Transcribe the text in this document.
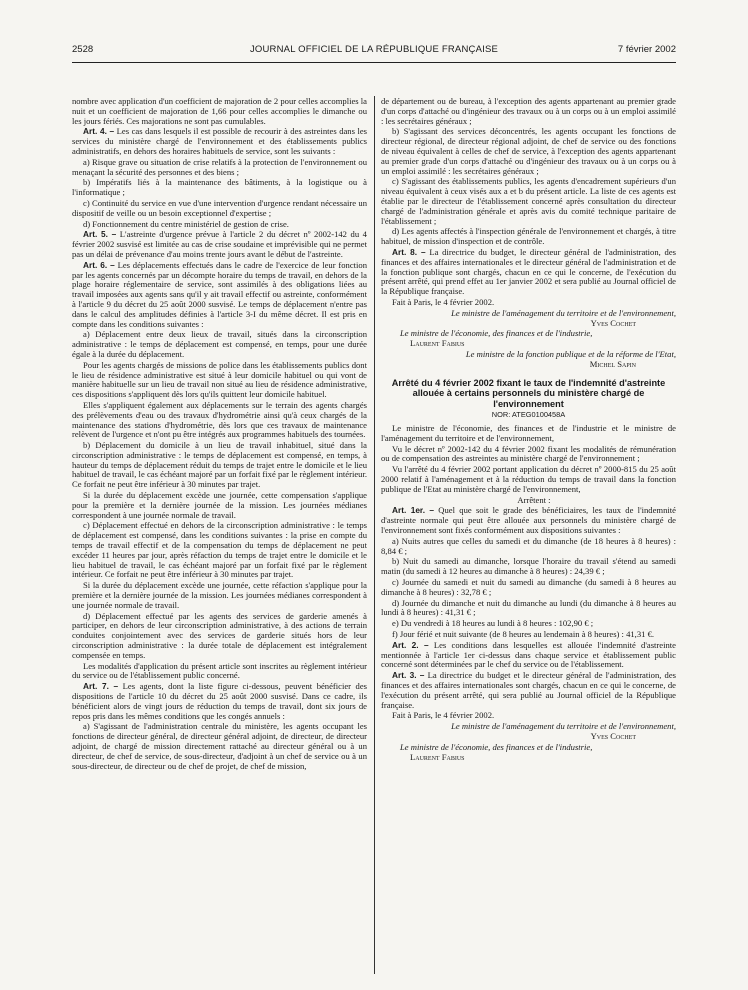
2528	JOURNAL OFFICIEL DE LA RÉPUBLIQUE FRANÇAISE	7 février 2002

nombre avec application d'un coefficient de majoration de 2 pour celles accomplies la nuit et un coefficient de majoration de 1,66 pour celles accomplies le dimanche ou les jours fériés. Ces majorations ne sont pas cumulables.

Art. 4. – Les cas dans lesquels il est possible de recourir à des astreintes dans les services du ministère chargé de l'environnement et des établissements publics administratifs, en dehors des horaires habituels de service, sont les suivants :

a) Risque grave ou situation de crise relatifs à la protection de l'environnement ou menaçant la sécurité des personnes et des biens ;

b) Impératifs liés à la maintenance des bâtiments, à la logistique ou à l'informatique ;

c) Continuité du service en vue d'une intervention d'urgence rendant nécessaire un dispositif de veille ou un besoin exceptionnel d'expertise ;

d) Fonctionnement du centre ministériel de gestion de crise.

Art. 5. – L'astreinte d'urgence prévue à l'article 2 du décret nº 2002-142 du 4 février 2002 susvisé est limitée au cas de crise soudaine et imprévisible qui ne permet pas un délai de prévenance d'au moins trente jours avant le début de l'astreinte.

Art. 6. – Les déplacements effectués dans le cadre de l'exercice de leur fonction par les agents concernés par un décompte horaire du temps de travail, en dehors de la plage horaire réglementaire de service, sont assimilés à des obligations liées au travail imposées aux agents sans qu'il y ait travail effectif ou astreinte, conformément à l'article 9 du décret du 25 août 2000 susvisé. Le temps de déplacement n'entre pas dans le calcul des amplitudes définies à l'article 3-I du même décret. Il est pris en compte dans les conditions suivantes :

a) Déplacement entre deux lieux de travail, situés dans la circonscription administrative : le temps de déplacement est compensé, en temps, pour une durée égale à la durée du déplacement.

Pour les agents chargés de missions de police dans les établissements publics dont le lieu de résidence administrative est situé à leur domicile habituel ou qui vont de manière habituelle sur un lieu de travail non situé au lieu de résidence administrative, ces dispositions s'appliquent dès lors qu'ils quittent leur domicile habituel.

Elles s'appliquent également aux déplacements sur le terrain des agents chargés des prélèvements d'eau ou des travaux d'hydrométrie ainsi qu'à ceux chargés de la maintenance des stations d'hydrométrie, dès lors que ces travaux de maintenance relèvent de l'urgence et n'ont pu être intégrés aux programmes habituels des tournées.

b) Déplacement du domicile à un lieu de travail inhabituel, situé dans la circonscription administrative : le temps de déplacement est compensé, en temps, à hauteur du temps de déplacement réduit du temps de trajet entre le domicile et le lieu habituel de travail, le cas échéant majoré par un forfait fixé par le règlement intérieur. Ce forfait ne peut être inférieur à 30 minutes par trajet.

Si la durée du déplacement excède une journée, cette compensation s'applique pour la première et la dernière journée de la mission. Les journées médianes correspondent à une journée normale de travail.

c) Déplacement effectué en dehors de la circonscription administrative : le temps de déplacement est compensé, dans les conditions suivantes : la prise en compte du temps de travail effectif et de la compensation du temps de déplacement ne peut excéder 11 heures par jour, après réfaction du temps de trajet entre le domicile et le lieu habituel de travail, le cas échéant majoré par un forfait fixé par le règlement intérieur. Ce forfait ne peut être inférieur à 30 minutes par trajet.

Si la durée du déplacement excède une journée, cette réfaction s'applique pour la première et la dernière journée de la mission. Les journées médianes correspondent à une journée normale de travail.

d) Déplacement effectué par les agents des services de garderie amenés à participer, en dehors de leur circonscription administrative, à des actions de terrain conduites conjointement avec des services de garderie situés hors de leur circonscription administrative : la durée totale de déplacement est intégralement compensée en temps.

Les modalités d'application du présent article sont inscrites au règlement intérieur du service ou de l'établissement public concerné.

Art. 7. – Les agents, dont la liste figure ci-dessous, peuvent bénéficier des dispositions de l'article 10 du décret du 25 août 2000 susvisé. Dans ce cadre, ils bénéficient alors de vingt jours de réduction du temps de travail, dont six jours de repos pris dans les mêmes conditions que les congés annuels :

a) S'agissant de l'administration centrale du ministère, les agents occupant les fonctions de directeur général, de directeur général adjoint, de directeur, de directeur adjoint, de chargé de mission directement rattaché au directeur général ou à un directeur, de chef de service, de sous-directeur, d'adjoint à un chef de service ou à un sous-directeur, de directeur ou de chef de projet, de chef de mission,

de département ou de bureau, à l'exception des agents appartenant au premier grade d'un corps d'attaché ou d'ingénieur des travaux ou à un corps ou à un emploi assimilé : les secrétaires généraux ;

b) S'agissant des services déconcentrés, les agents occupant les fonctions de directeur régional, de directeur régional adjoint, de chef de service ou des fonctions de niveau équivalent à celles de chef de service, à l'exception des agents appartenant au premier grade d'un corps d'attaché ou d'ingénieur des travaux ou à un corps ou à un emploi assimilé : les secrétaires généraux ;

c) S'agissant des établissements publics, les agents d'encadrement supérieurs d'un niveau équivalent à ceux visés aux a et b du présent article. La liste de ces agents est établie par le directeur de l'établissement concerné après consultation du directeur chargé de l'administration générale et après avis du comité technique paritaire de l'établissement ;

d) Les agents affectés à l'inspection générale de l'environnement et chargés, à titre habituel, de mission d'inspection et de contrôle.

Art. 8. – La directrice du budget, le directeur général de l'administration, des finances et des affaires internationales et le directeur général de l'administration et de la fonction publique sont chargés, chacun en ce qui le concerne, de l'exécution du présent arrêté, qui prend effet au 1er janvier 2002 et sera publié au Journal officiel de la République française.

Fait à Paris, le 4 février 2002.

Le ministre de l'aménagement du territoire et de l'environnement,
Yves Cochet

Le ministre de l'économie, des finances et de l'industrie,
Laurent Fabius

Le ministre de la fonction publique et de la réforme de l'Etat,
Michel Sapin

Arrêté du 4 février 2002 fixant le taux de l'indemnité d'astreinte allouée à certains personnels du ministère chargé de l'environnement
NOR: ATEG0100458A

Le ministre de l'économie, des finances et de l'industrie et le ministre de l'aménagement du territoire et de l'environnement,

Vu le décret nº 2002-142 du 4 février 2002 fixant les modalités de rémunération ou de compensation des astreintes au ministère chargé de l'environnement ;

Vu l'arrêté du 4 février 2002 portant application du décret nº 2000-815 du 25 août 2000 relatif à l'aménagement et à la réduction du temps de travail dans la fonction publique de l'Etat au ministère chargé de l'environnement,

Arrêtent :

Art. 1er. – Quel que soit le grade des bénéficiaires, les taux de l'indemnité d'astreinte normale qui peut être allouée aux personnels du ministère chargé de l'environnement sont fixés conformément aux dispositions suivantes :

a) Nuits autres que celles du samedi et du dimanche (de 18 heures à 8 heures) : 8,84 € ;

b) Nuit du samedi au dimanche, lorsque l'horaire du travail s'étend au samedi matin (du samedi à 12 heures au dimanche à 8 heures) : 24,39 € ;

c) Journée du samedi et nuit du samedi au dimanche (du samedi à 8 heures au dimanche à 8 heures) : 32,78 € ;

d) Journée du dimanche et nuit du dimanche au lundi (du dimanche à 8 heures au lundi à 8 heures) : 41,31 € ;

e) Du vendredi à 18 heures au lundi à 8 heures : 102,90 € ;

f) Jour férié et nuit suivante (de 8 heures au lendemain à 8 heures) : 41,31 €.

Art. 2. – Les conditions dans lesquelles est allouée l'indemnité d'astreinte mentionnée à l'article 1er ci-dessus dans chaque service et établissement public concerné sont déterminées par le chef du service ou de l'établissement.

Art. 3. – La directrice du budget et le directeur général de l'administration, des finances et des affaires internationales sont chargés, chacun en ce qui le concerne, de l'exécution du présent arrêté, qui sera publié au Journal officiel de la République française.

Fait à Paris, le 4 février 2002.

Le ministre de l'aménagement du territoire et de l'environnement,
Yves Cochet

Le ministre de l'économie, des finances et de l'industrie,
Laurent Fabius
